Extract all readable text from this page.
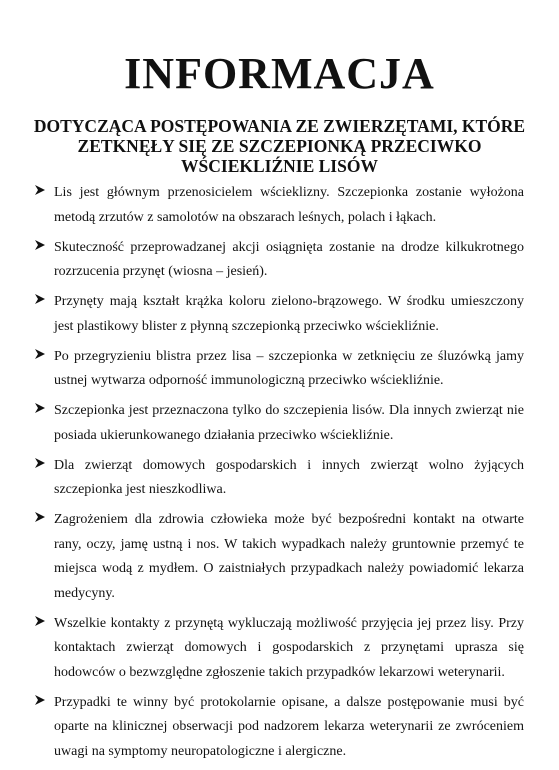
INFORMACJA
DOTYCZĄCA POSTĘPOWANIA ZE ZWIERZĘTAMI, KTÓRE
ZETKNĘŁY SIĘ ZE SZCZEPIONKĄ PRZECIWKO
WŚCIEKLIŹNIE LISÓW
Lis jest głównym przenosicielem wścieklizny. Szczepionka zostanie wyłożona metodą zrzutów z samolotów na obszarach leśnych, polach i łąkach.
Skuteczność przeprowadzanej akcji osiągnięta zostanie na drodze kilkukrotnego rozrzucenia przynęt (wiosna – jesień).
Przynęty mają kształt krążka koloru zielono-brązowego. W środku umieszczony jest plastikowy blister z płynną szczepionką przeciwko wściekliźnie.
Po przegryzieniu blistra przez lisa – szczepionka w zetknięciu ze śluzówką jamy ustnej wytwarza odporność immunologiczną przeciwko wściekliźnie.
Szczepionka jest przeznaczona tylko do szczepienia lisów. Dla innych zwierząt nie posiada ukierunkowanego działania przeciwko wściekliźnie.
Dla zwierząt domowych gospodarskich i innych zwierząt wolno żyjących szczepionka jest nieszkodliwa.
Zagrożeniem dla zdrowia człowieka może być bezpośredni kontakt na otwarte rany, oczy, jamę ustną i nos. W takich wypadkach należy gruntownie przemyć te miejsca wodą z mydłem. O zaistniałych przypadkach należy powiadomić lekarza medycyny.
Wszelkie kontakty z przynętą wykluczają możliwość przyjęcia jej przez lisy. Przy kontaktach zwierząt domowych i gospodarskich z przynętami uprasza się hodowców o bezwzględne zgłoszenie takich przypadków lekarzowi weterynarii.
Przypadki te winny być protokolarnie opisane, a dalsze postępowanie musi być oparte na klinicznej obserwacji pod nadzorem lekarza weterynarii ze zwróceniem uwagi na symptomy neuropatologiczne i alergiczne.
